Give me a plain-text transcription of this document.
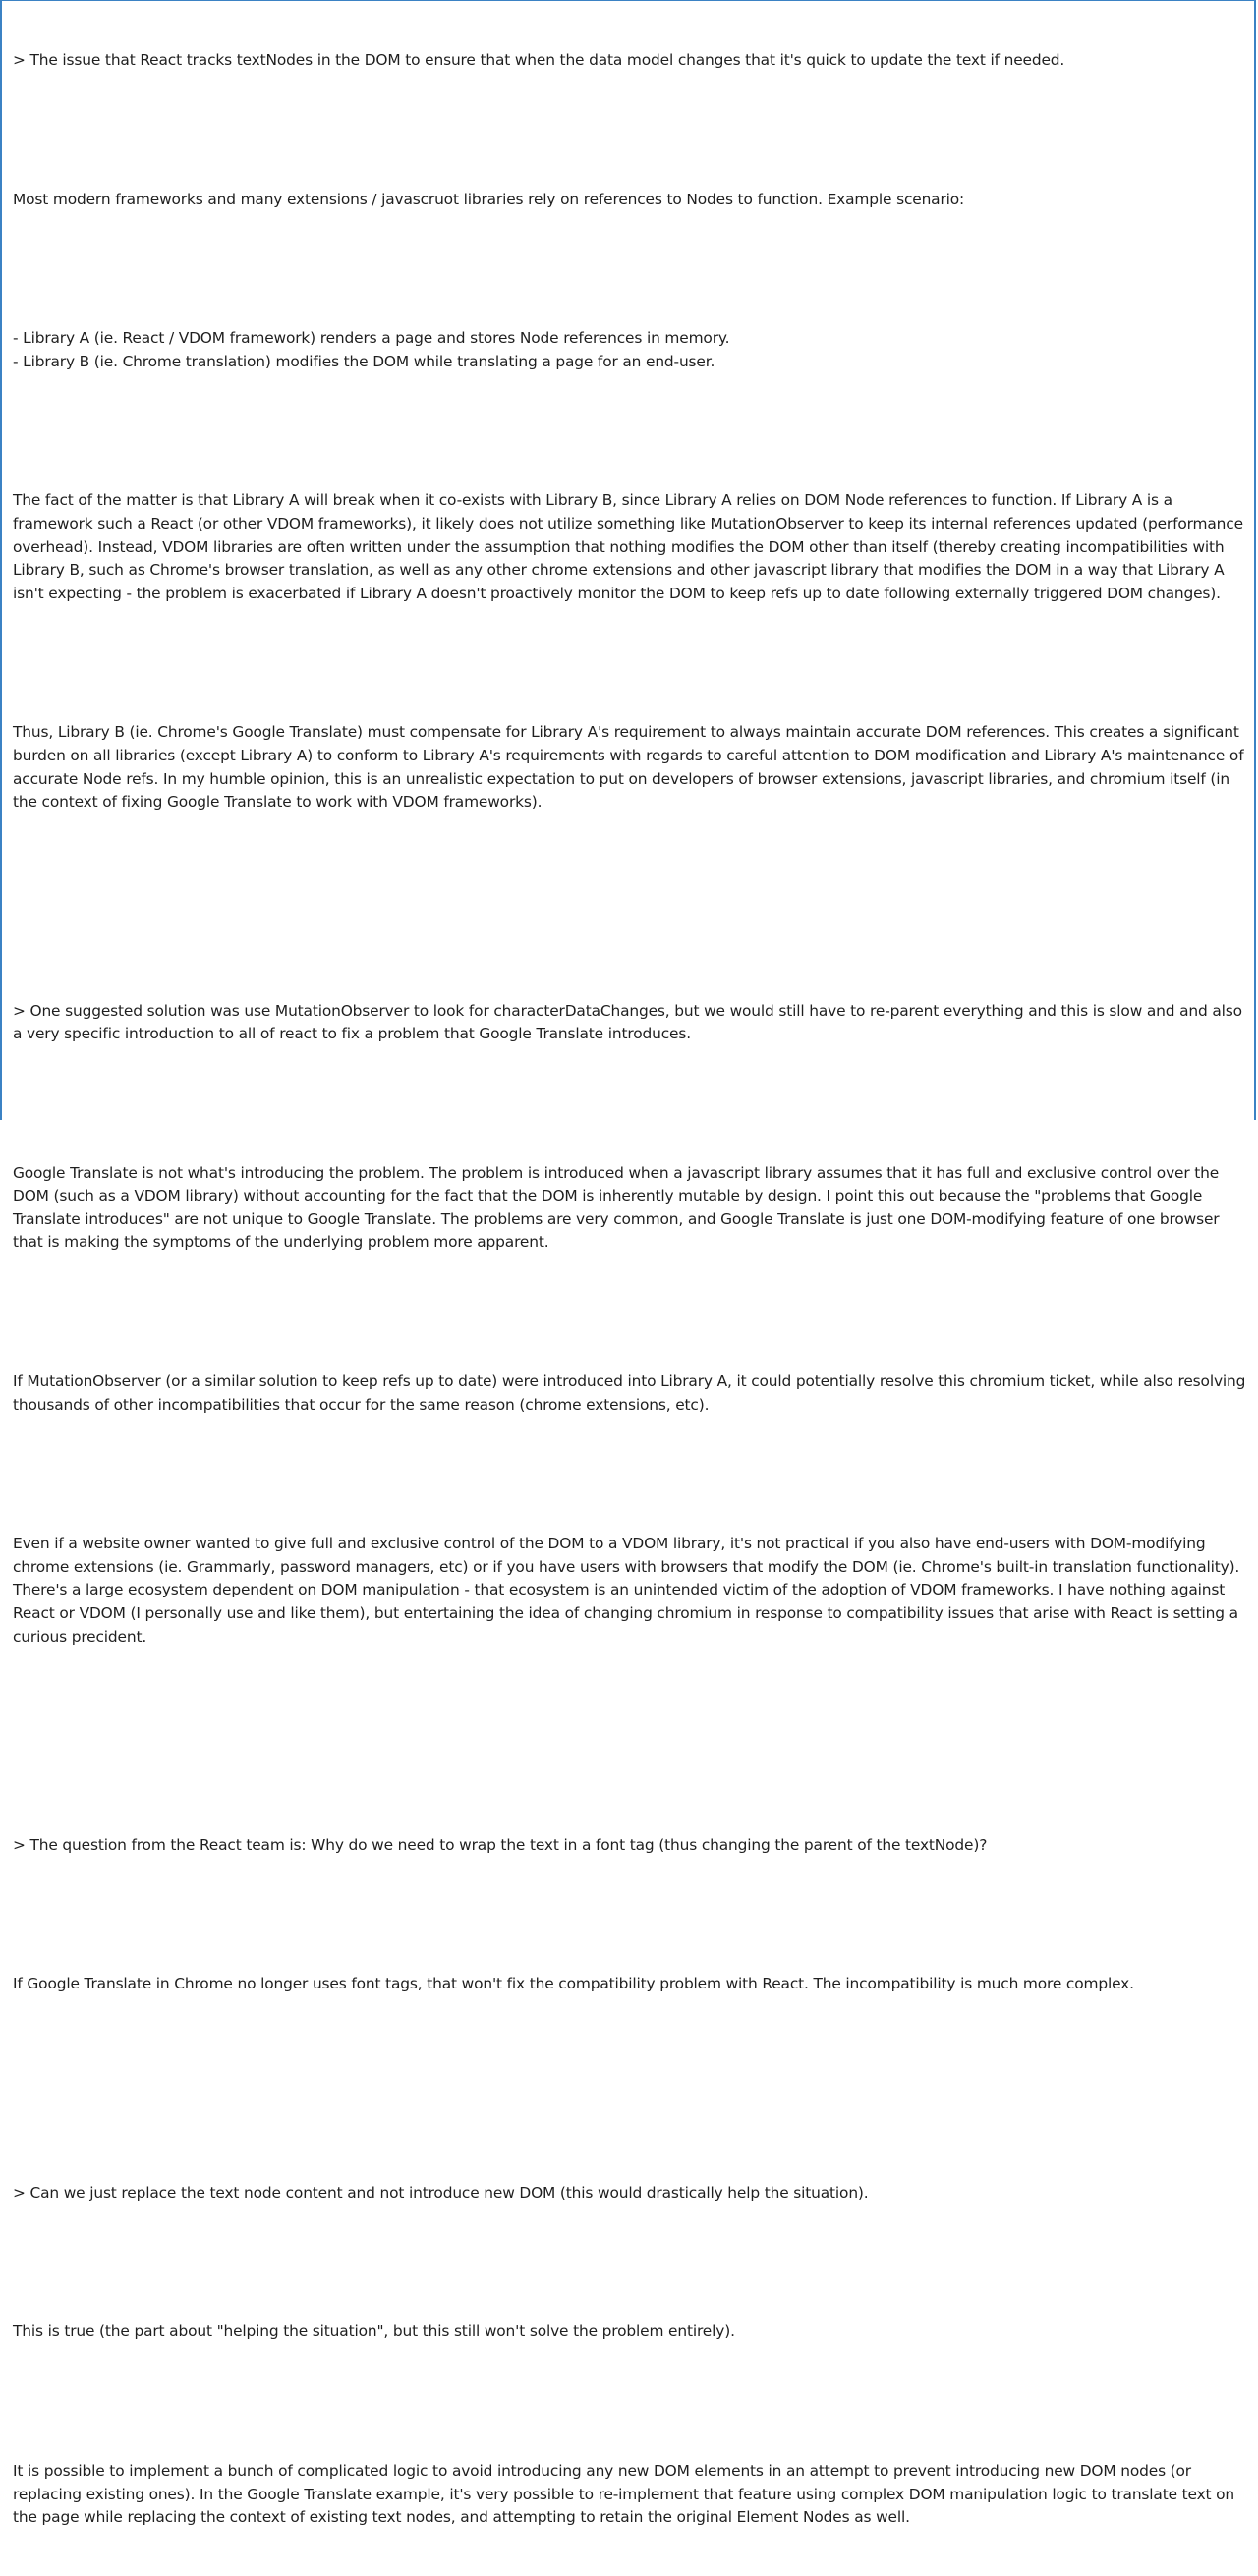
> The issue that React tracks textNodes in the DOM to ensure that when the data model changes that it's quick to update the text if needed.

Most modern frameworks and many extensions / javascruot libraries rely on references to Nodes to function. Example scenario:

- Library A (ie. React / VDOM framework) renders a page and stores Node references in memory.
- Library B (ie. Chrome translation) modifies the DOM while translating a page for an end-user.

The fact of the matter is that Library A will break when it co-exists with Library B, since Library A relies on DOM Node references to function. If Library A is a framework such a React (or other VDOM frameworks), it likely does not utilize something like MutationObserver to keep its internal references updated (performance overhead). Instead, VDOM libraries are often written under the assumption that nothing modifies the DOM other than itself (thereby creating incompatibilities with Library B, such as Chrome's browser translation, as well as any other chrome extensions and other javascript library that modifies the DOM in a way that Library A isn't expecting - the problem is exacerbated if Library A doesn't proactively monitor the DOM to keep refs up to date following externally triggered DOM changes).

Thus, Library B (ie. Chrome's Google Translate) must compensate for Library A's requirement to always maintain accurate DOM references. This creates a significant burden on all libraries (except Library A) to conform to Library A's requirements with regards to careful attention to DOM modification and Library A's maintenance of accurate Node refs. In my humble opinion, this is an unrealistic expectation to put on developers of browser extensions, javascript libraries, and chromium itself (in the context of fixing Google Translate to work with VDOM frameworks).

> One suggested solution was use MutationObserver to look for characterDataChanges, but we would still have to re-parent everything and this is slow and and also a very specific introduction to all of react to fix a problem that Google Translate introduces.

Google Translate is not what's introducing the problem. The problem is introduced when a javascript library assumes that it has full and exclusive control over the DOM (such as a VDOM library) without accounting for the fact that the DOM is inherently mutable by design. I point this out because the "problems that Google Translate introduces" are not unique to Google Translate. The problems are very common, and Google Translate is just one DOM-modifying feature of one browser that is making the symptoms of the underlying problem more apparent.

If MutationObserver (or a similar solution to keep refs up to date) were introduced into Library A, it could potentially resolve this chromium ticket, while also resolving thousands of other incompatibilities that occur for the same reason (chrome extensions, etc).

Even if a website owner wanted to give full and exclusive control of the DOM to a VDOM library, it's not practical if you also have end-users with DOM-modifying chrome extensions (ie. Grammarly, password managers, etc) or if you have users with browsers that modify the DOM (ie. Chrome's built-in translation functionality). There's a large ecosystem dependent on DOM manipulation - that ecosystem is an unintended victim of the adoption of VDOM frameworks. I have nothing against React or VDOM (I personally use and like them), but entertaining the idea of changing chromium in response to compatibility issues that arise with React is setting a curious precident.

> The question from the React team is: Why do we need to wrap the text in a font tag (thus changing the parent of the textNode)?

If Google Translate in Chrome no longer uses font tags, that won't fix the compatibility problem with React. The incompatibility is much more complex.

> Can we just replace the text node content and not introduce new DOM (this would drastically help the situation).

This is true (the part about "helping the situation", but this still won't solve the problem entirely).

It is possible to implement a bunch of complicated logic to avoid introducing any new DOM elements in an attempt to prevent introducing new DOM nodes (or replacing existing ones). In the Google Translate example, it's very possible to re-implement that feature using complex DOM manipulation logic to translate text on the page while replacing the context of existing text nodes, and attempting to retain the original Element Nodes as well.
